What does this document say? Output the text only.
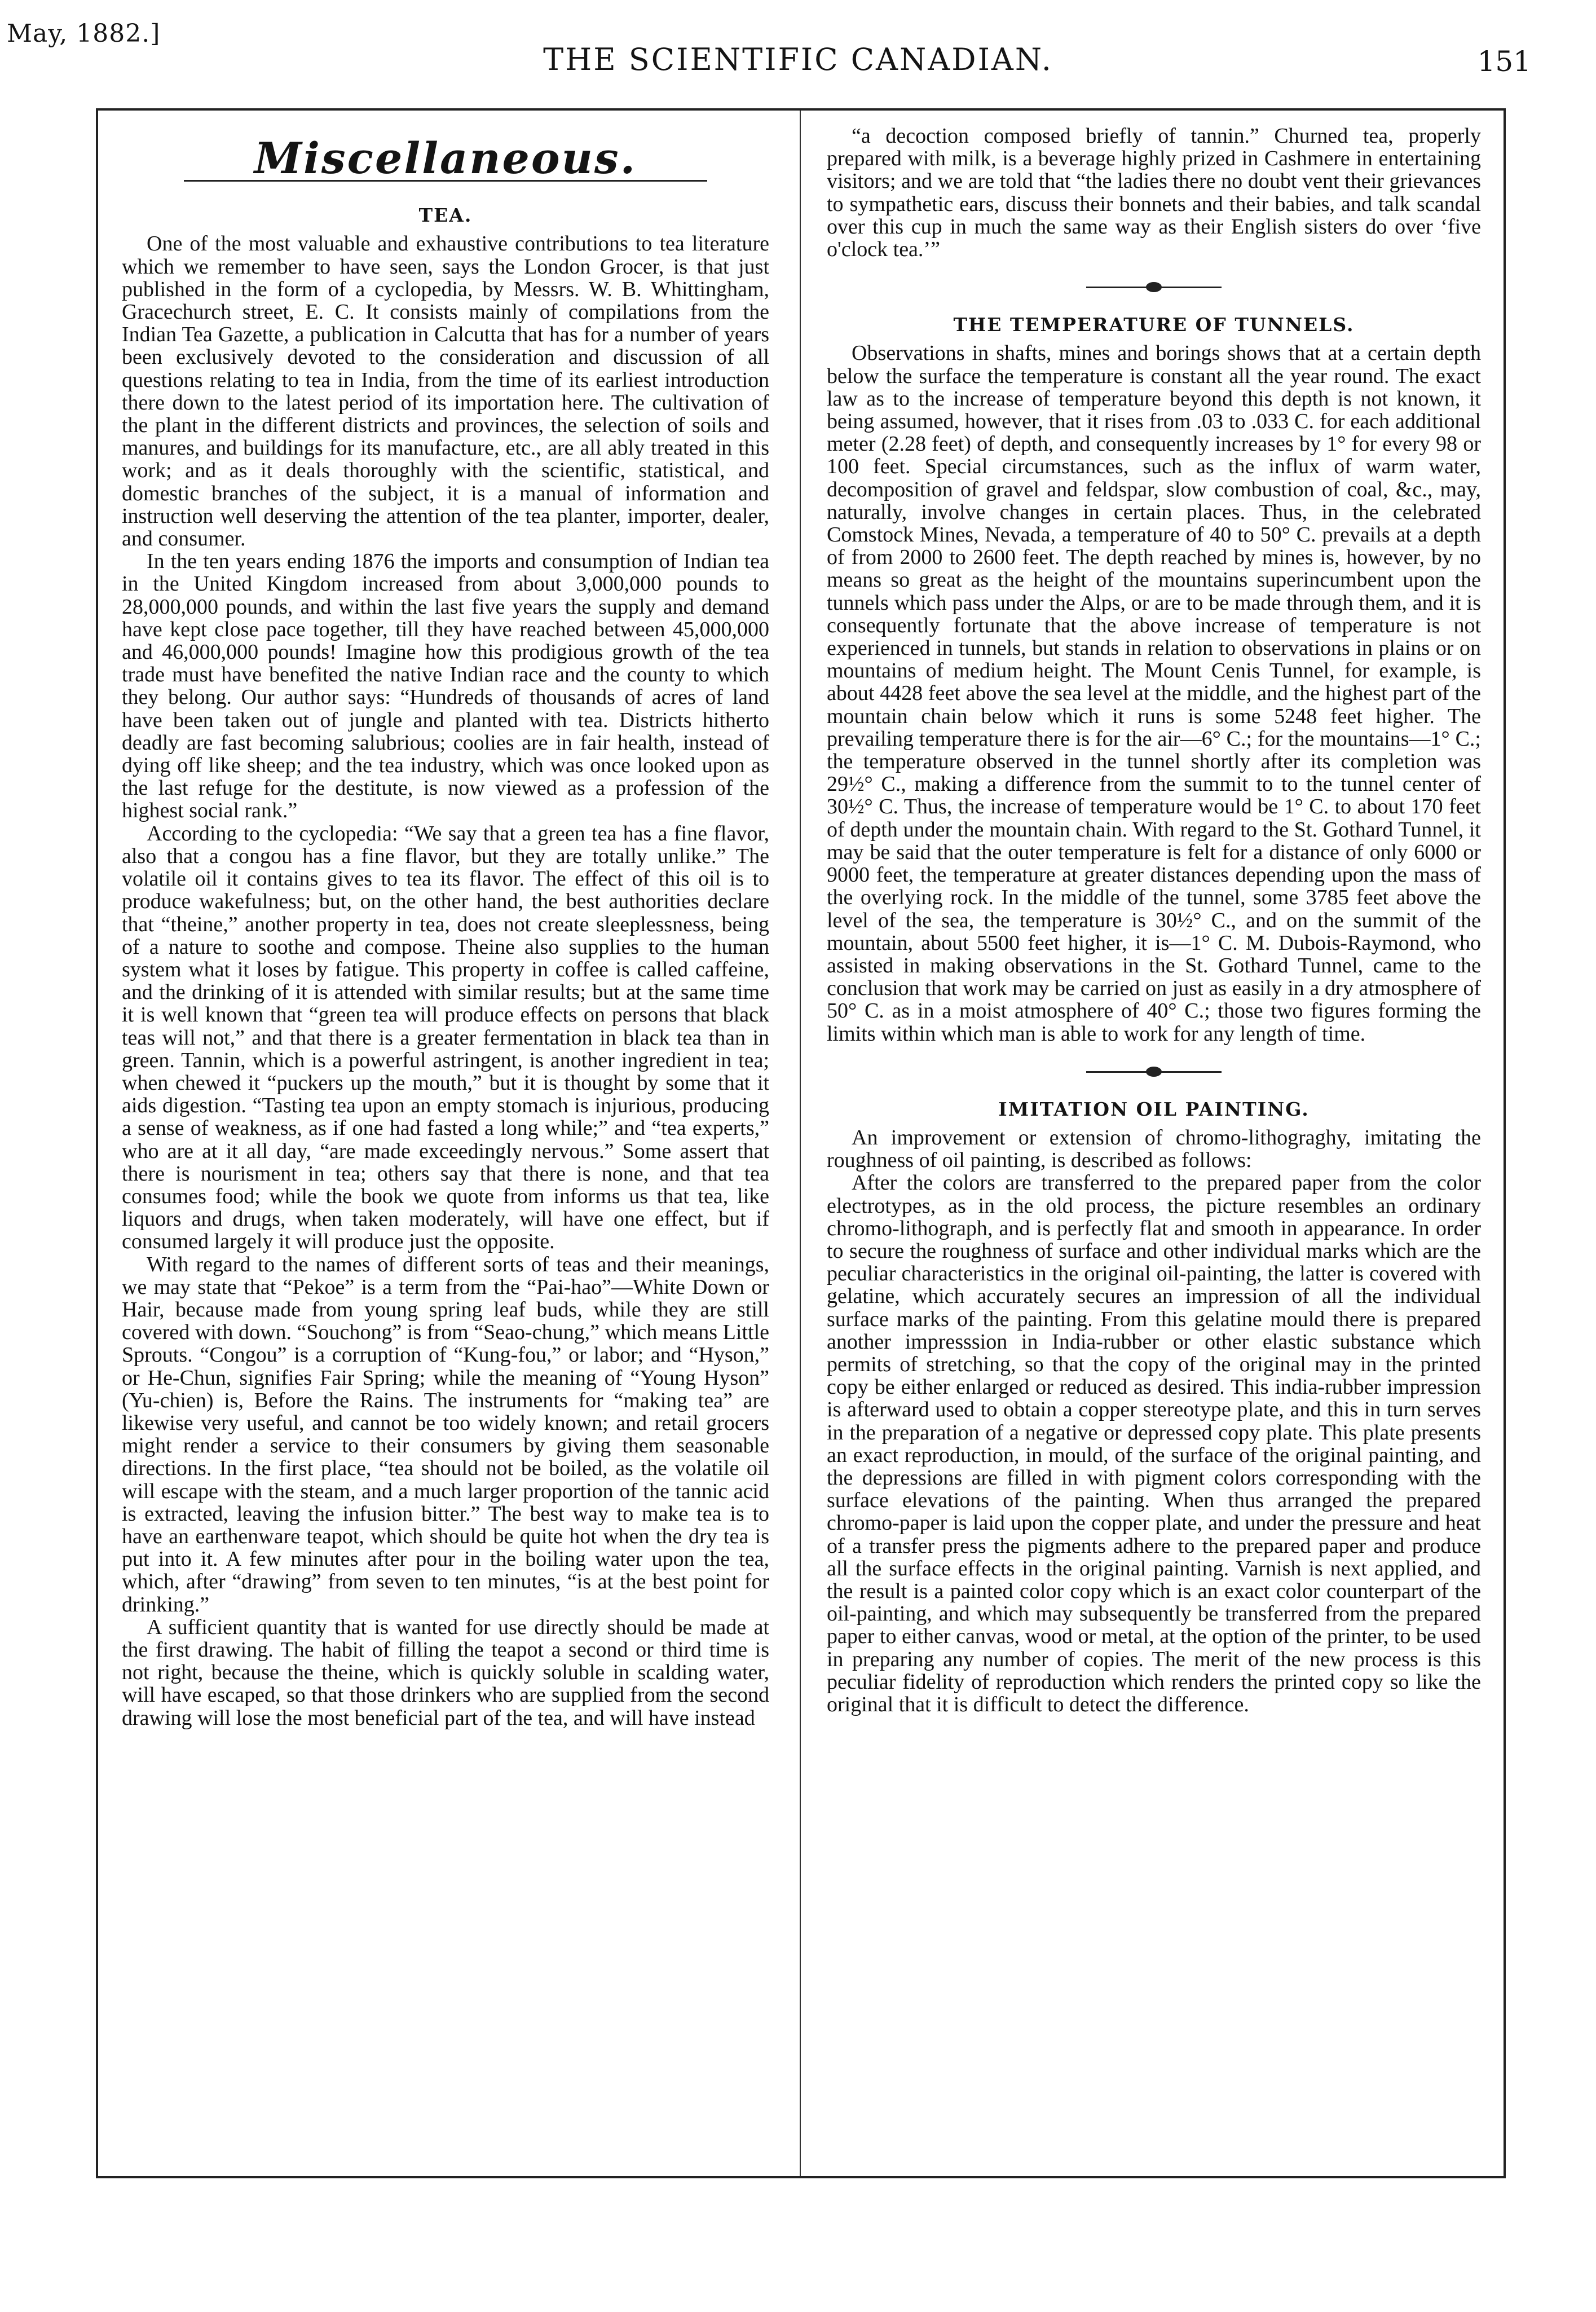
May, 1882.]
THE SCIENTIFIC CANADIAN.	151
Miscellaneous.
TEA.

One of the most valuable and exhaustive contributions to tea literature which we remember to have seen, says the London Grocer, is that just published in the form of a cyclopedia, by Messrs. W. B. Whittingham, Gracechurch street, E. C. It consists mainly of compilations from the Indian Tea Gazette, a publication in Calcutta that has for a number of years been exclusively devoted to the consideration and discussion of all questions relating to tea in India, from the time of its earliest introduction there down to the latest period of its importation here. The cultivation of the plant in the different districts and provinces, the selection of soils and manures, and buildings for its manufacture, etc., are all ably treated in this work; and as it deals thoroughly with the scientific, statistical, and domestic branches of the subject, it is a manual of information and instruction well deserving the attention of the tea planter, importer, dealer, and consumer.

In the ten years ending 1876 the imports and consumption of Indian tea in the United Kingdom increased from about 3,000,000 pounds to 28,000,000 pounds, and within the last five years the supply and demand have kept close pace together, till they have reached between 45,000,000 and 46,000,000 pounds! Imagine how this prodigious growth of the tea trade must have benefited the native Indian race and the county to which they belong. Our author says: “Hundreds of thousands of acres of land have been taken out of jungle and planted with tea. Districts hitherto deadly are fast becoming salubrious; coolies are in fair health, instead of dying off like sheep; and the tea industry, which was once looked upon as the last refuge for the destitute, is now viewed as a profession of the highest social rank.”

According to the cyclopedia: “We say that a green tea has a fine flavor, also that a congou has a fine flavor, but they are totally unlike.” The volatile oil it contains gives to tea its flavor. The effect of this oil is to produce wakefulness; but, on the other hand, the best authorities declare that “theine,” another property in tea, does not create sleeplessness, being of a nature to soothe and compose. Theine also supplies to the human system what it loses by fatigue. This property in coffee is called caffeine, and the drinking of it is attended with similar results; but at the same time it is well known that “green tea will produce effects on persons that black teas will not,” and that there is a greater fermentation in black tea than in green. Tannin, which is a powerful astringent, is another ingredient in tea; when chewed it “puckers up the mouth,” but it is thought by some that it aids digestion. “Tasting tea upon an empty stomach is injurious, producing a sense of weakness, as if one had fasted a long while;” and “tea experts,” who are at it all day, “are made exceedingly nervous.” Some assert that there is nourisment in tea; others say that there is none, and that tea consumes food; while the book we quote from informs us that tea, like liquors and drugs, when taken moderately, will have one effect, but if consumed largely it will produce just the opposite.

With regard to the names of different sorts of teas and their meanings, we may state that “Pekoe” is a term from the “Pai-hao”—White Down or Hair, because made from young spring leaf buds, while they are still covered with down. “Souchong” is from “Seao-chung,” which means Little Sprouts. “Congou” is a corruption of “Kung-fou,” or labor; and “Hyson,” or He-Chun, signifies Fair Spring; while the meaning of “Young Hyson” (Yu-chien) is, Before the Rains. The instruments for “making tea” are likewise very useful, and cannot be too widely known; and retail grocers might render a service to their consumers by giving them seasonable directions. In the first place, “tea should not be boiled, as the volatile oil will escape with the steam, and a much larger proportion of the tannic acid is extracted, leaving the infusion bitter.” The best way to make tea is to have an earthenware teapot, which should be quite hot when the dry tea is put into it. A few minutes after pour in the boiling water upon the tea, which, after “drawing” from seven to ten minutes, “is at the best point for drinking.”

A sufficient quantity that is wanted for use directly should be made at the first drawing. The habit of filling the teapot a second or third time is not right, because the theine, which is quickly soluble in scalding water, will have escaped, so that those drinkers who are supplied from the second drawing will lose the most beneficial part of the tea, and will have instead

“a decoction composed briefly of tannin.” Churned tea, properly prepared with milk, is a beverage highly prized in Cashmere in entertaining visitors; and we are told that “the ladies there no doubt vent their grievances to sympathetic ears, discuss their bonnets and their babies, and talk scandal over this cup in much the same way as their English sisters do over ‘five o'clock tea.’”

THE TEMPERATURE OF TUNNELS.

Observations in shafts, mines and borings shows that at a certain depth below the surface the temperature is constant all the year round. The exact law as to the increase of temperature beyond this depth is not known, it being assumed, however, that it rises from .03 to .033 C. for each additional meter (2.28 feet) of depth, and consequently increases by 1° for every 98 or 100 feet. Special circumstances, such as the influx of warm water, decomposition of gravel and feldspar, slow combustion of coal, &c., may, naturally, involve changes in certain places. Thus, in the celebrated Comstock Mines, Nevada, a temperature of 40 to 50° C. prevails at a depth of from 2000 to 2600 feet. The depth reached by mines is, however, by no means so great as the height of the mountains superincumbent upon the tunnels which pass under the Alps, or are to be made through them, and it is consequently fortunate that the above increase of temperature is not experienced in tunnels, but stands in relation to observations in plains or on mountains of medium height. The Mount Cenis Tunnel, for example, is about 4428 feet above the sea level at the middle, and the highest part of the mountain chain below which it runs is some 5248 feet higher. The prevailing temperature there is for the air—6° C.; for the mountains—1° C.; the temperature observed in the tunnel shortly after its completion was 29½° C., making a difference from the summit to to the tunnel center of 30½° C. Thus, the increase of temperature would be 1° C. to about 170 feet of depth under the mountain chain. With regard to the St. Gothard Tunnel, it may be said that the outer temperature is felt for a distance of only 6000 or 9000 feet, the temperature at greater distances depending upon the mass of the overlying rock. In the middle of the tunnel, some 3785 feet above the level of the sea, the temperature is 30½° C., and on the summit of the mountain, about 5500 feet higher, it is—1° C. M. Dubois-Raymond, who assisted in making observations in the St. Gothard Tunnel, came to the conclusion that work may be carried on just as easily in a dry atmosphere of 50° C. as in a moist atmosphere of 40° C.; those two figures forming the limits within which man is able to work for any length of time.

IMITATION OIL PAINTING.

An improvement or extension of chromo-lithograghy, imitating the roughness of oil painting, is described as follows:

After the colors are transferred to the prepared paper from the color electrotypes, as in the old process, the picture resembles an ordinary chromo-lithograph, and is perfectly flat and smooth in appearance. In order to secure the roughness of surface and other individual marks which are the peculiar characteristics in the original oil-painting, the latter is covered with gelatine, which accurately secures an impression of all the individual surface marks of the painting. From this gelatine mould there is prepared another impresssion in India-rubber or other elastic substance which permits of stretching, so that the copy of the original may in the printed copy be either enlarged or reduced as desired. This india-rubber impression is afterward used to obtain a copper stereotype plate, and this in turn serves in the preparation of a negative or depressed copy plate. This plate presents an exact reproduction, in mould, of the surface of the original painting, and the depressions are filled in with pigment colors corresponding with the surface elevations of the painting. When thus arranged the prepared chromo-paper is laid upon the copper plate, and under the pressure and heat of a transfer press the pigments adhere to the prepared paper and produce all the surface effects in the original painting. Varnish is next applied, and the result is a painted color copy which is an exact color counterpart of the oil-painting, and which may subsequently be transferred from the prepared paper to either canvas, wood or metal, at the option of the printer, to be used in preparing any number of copies. The merit of the new process is this peculiar fidelity of reproduction which renders the printed copy so like the original that it is difficult to detect the difference.
